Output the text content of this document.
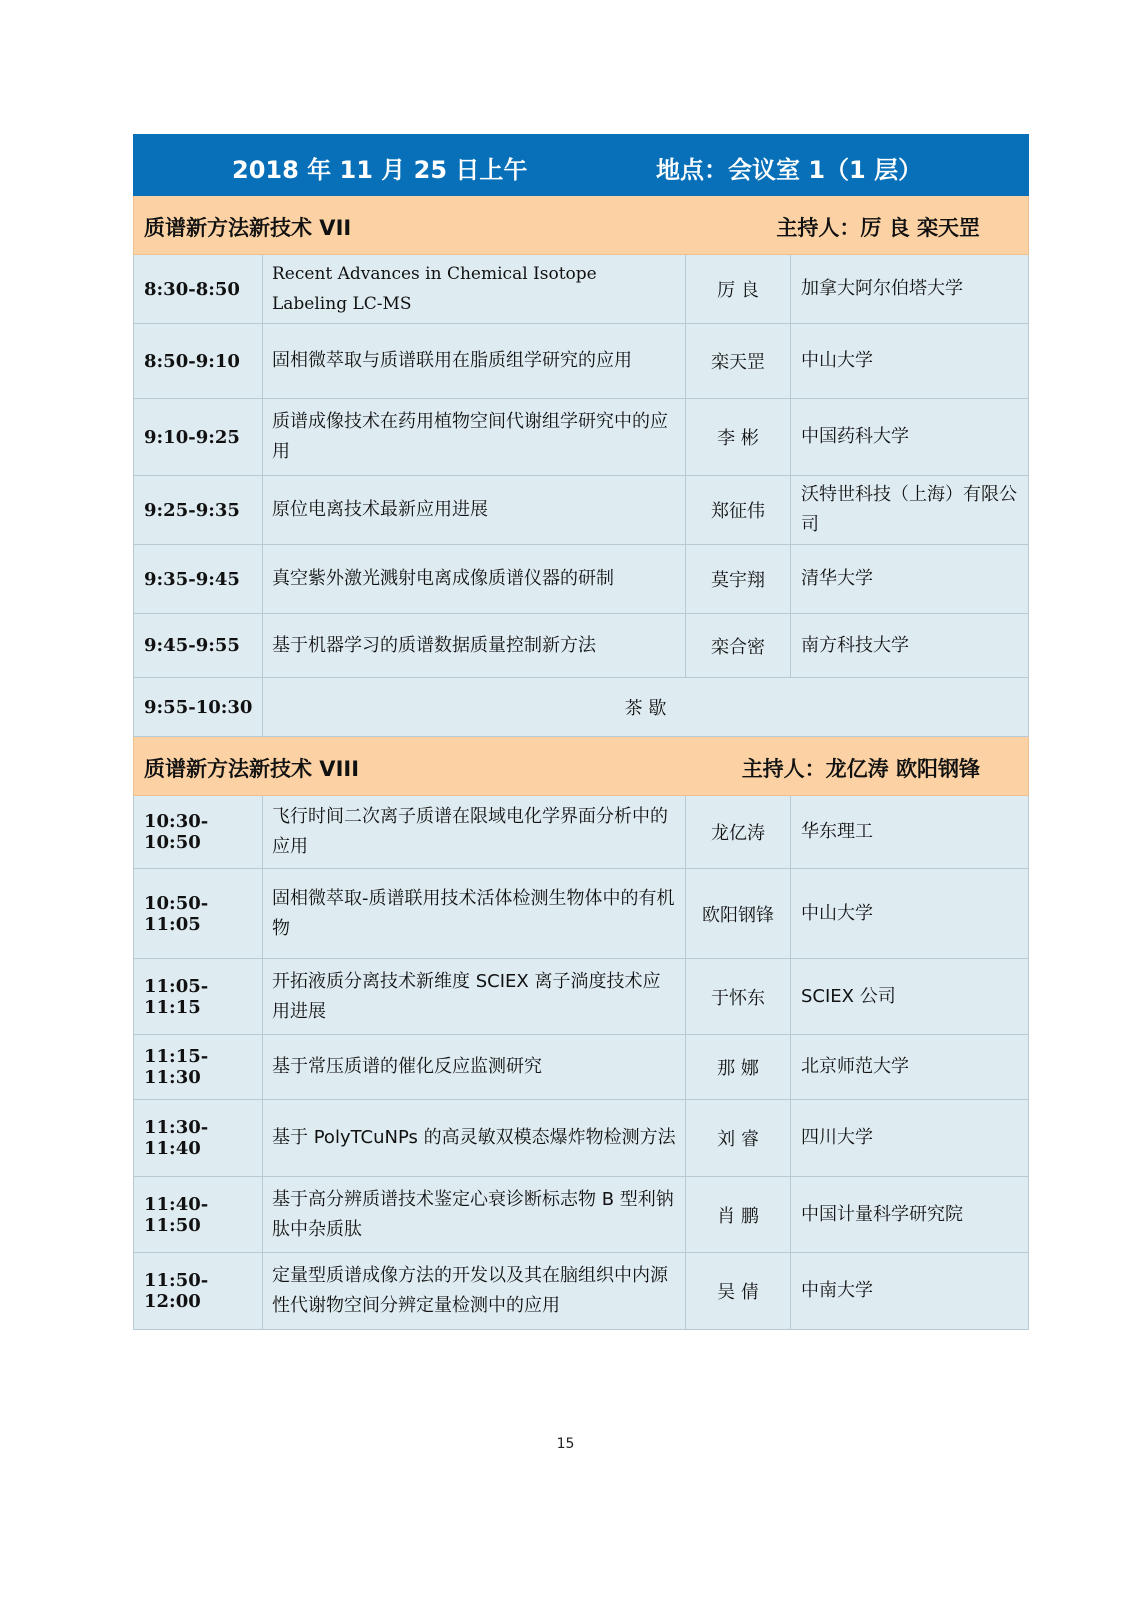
2018 年 11 月 25 日上午 地点：会议室 1（1 层）			

质谱新方法新技术 VII 主持人：厉 良 栾天罡			

8:30-8:50	Recent Advances in Chemical Isotope Labeling LC-MS	厉 良	加拿大阿尔伯塔大学
8:50-9:10	固相微萃取与质谱联用在脂质组学研究的应用	栾天罡	中山大学
9:10-9:25	质谱成像技术在药用植物空间代谢组学研究中的应用	李 彬	中国药科大学
9:25-9:35	原位电离技术最新应用进展	郑征伟	沃特世科技（上海）有限公司
9:35-9:45	真空紫外激光溅射电离成像质谱仪器的研制	莫宇翔	清华大学
9:45-9:55	基于机器学习的质谱数据质量控制新方法	栾合密	南方科技大学
9:55-10:30	茶 歇		

质谱新方法新技术 VIII 主持人：龙亿涛 欧阳钢锋			

10:30-10:50	飞行时间二次离子质谱在限域电化学界面分析中的应用	龙亿涛	华东理工
10:50-11:05	固相微萃取-质谱联用技术活体检测生物体中的有机物	欧阳钢锋	中山大学
11:05-11:15	开拓液质分离技术新维度 SCIEX 离子淌度技术应用进展	于怀东	SCIEX 公司
11:15-11:30	基于常压质谱的催化反应监测研究	那 娜	北京师范大学
11:30-11:40	基于 PolyTCuNPs 的高灵敏双模态爆炸物检测方法	刘 睿	四川大学
11:40-11:50	基于高分辨质谱技术鉴定心衰诊断标志物 B 型利钠肽中杂质肽	肖 鹏	中国计量科学研究院
11:50-12:00	定量型质谱成像方法的开发以及其在脑组织中内源性代谢物空间分辨定量检测中的应用	吴 倩	中南大学
15
